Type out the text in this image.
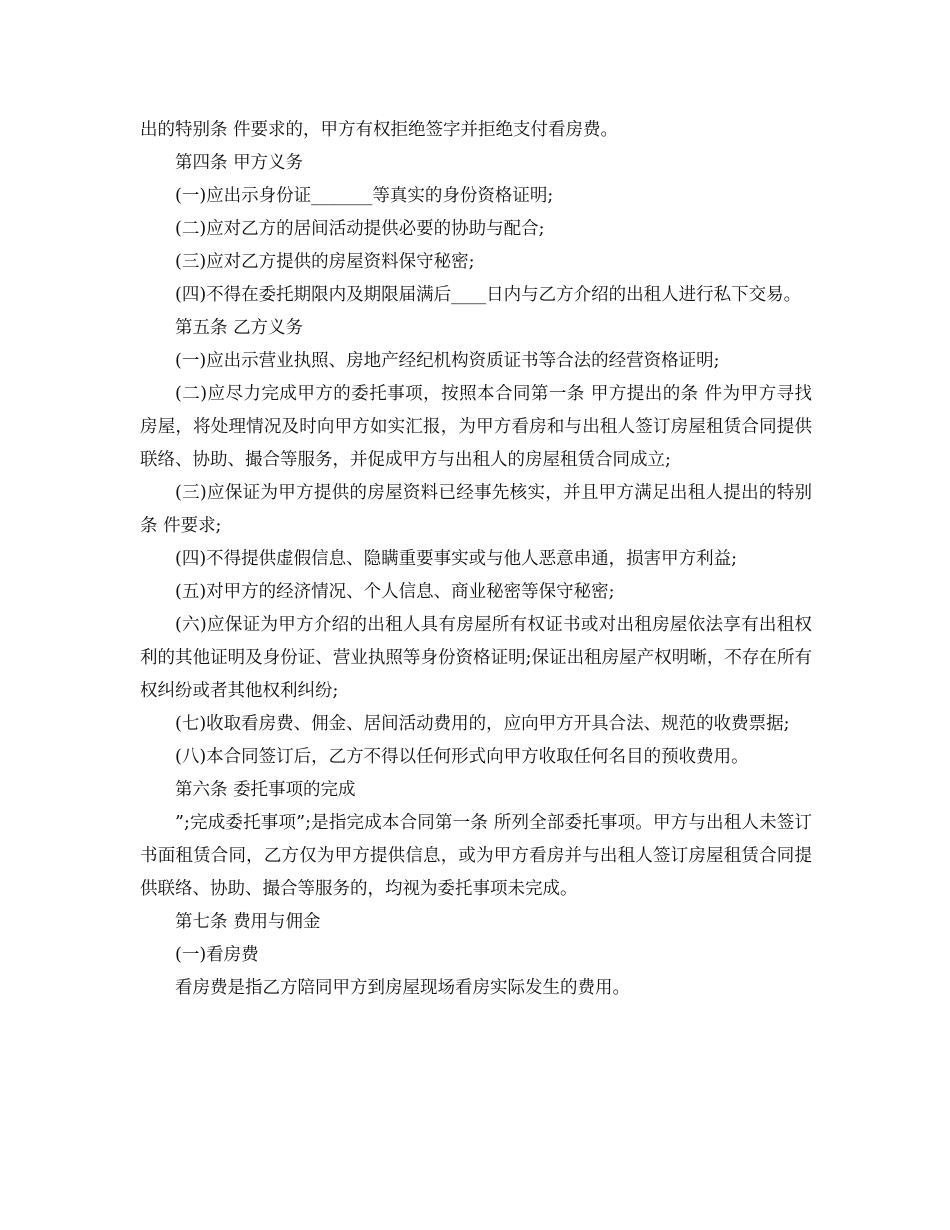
出的特别条 件要求的，甲方有权拒绝签字并拒绝支付看房费。

第四条 甲方义务

(一)应出示身份证_______等真实的身份资格证明;

(二)应对乙方的居间活动提供必要的协助与配合;

(三)应对乙方提供的房屋资料保守秘密;

(四)不得在委托期限内及期限届满后____日内与乙方介绍的出租人进行私下交易。

第五条 乙方义务

(一)应出示营业执照、房地产经纪机构资质证书等合法的经营资格证明;

(二)应尽力完成甲方的委托事项，按照本合同第一条 甲方提出的条 件为甲方寻找房屋，将处理情况及时向甲方如实汇报，为甲方看房和与出租人签订房屋租赁合同提供联络、协助、撮合等服务，并促成甲方与出租人的房屋租赁合同成立;

(三)应保证为甲方提供的房屋资料已经事先核实，并且甲方满足出租人提出的特别条 件要求;

(四)不得提供虚假信息、隐瞒重要事实或与他人恶意串通，损害甲方利益;

(五)对甲方的经济情况、个人信息、商业秘密等保守秘密;

(六)应保证为甲方介绍的出租人具有房屋所有权证书或对出租房屋依法享有出租权利的其他证明及身份证、营业执照等身份资格证明;保证出租房屋产权明晰，不存在所有权纠纷或者其他权利纠纷;

(七)收取看房费、佣金、居间活动费用的，应向甲方开具合法、规范的收费票据;

(八)本合同签订后，乙方不得以任何形式向甲方收取任何名目的预收费用。

第六条 委托事项的完成

”;完成委托事项”;是指完成本合同第一条 所列全部委托事项。甲方与出租人未签订书面租赁合同，乙方仅为甲方提供信息，或为甲方看房并与出租人签订房屋租赁合同提供联络、协助、撮合等服务的，均视为委托事项未完成。

第七条 费用与佣金

(一)看房费

看房费是指乙方陪同甲方到房屋现场看房实际发生的费用。
